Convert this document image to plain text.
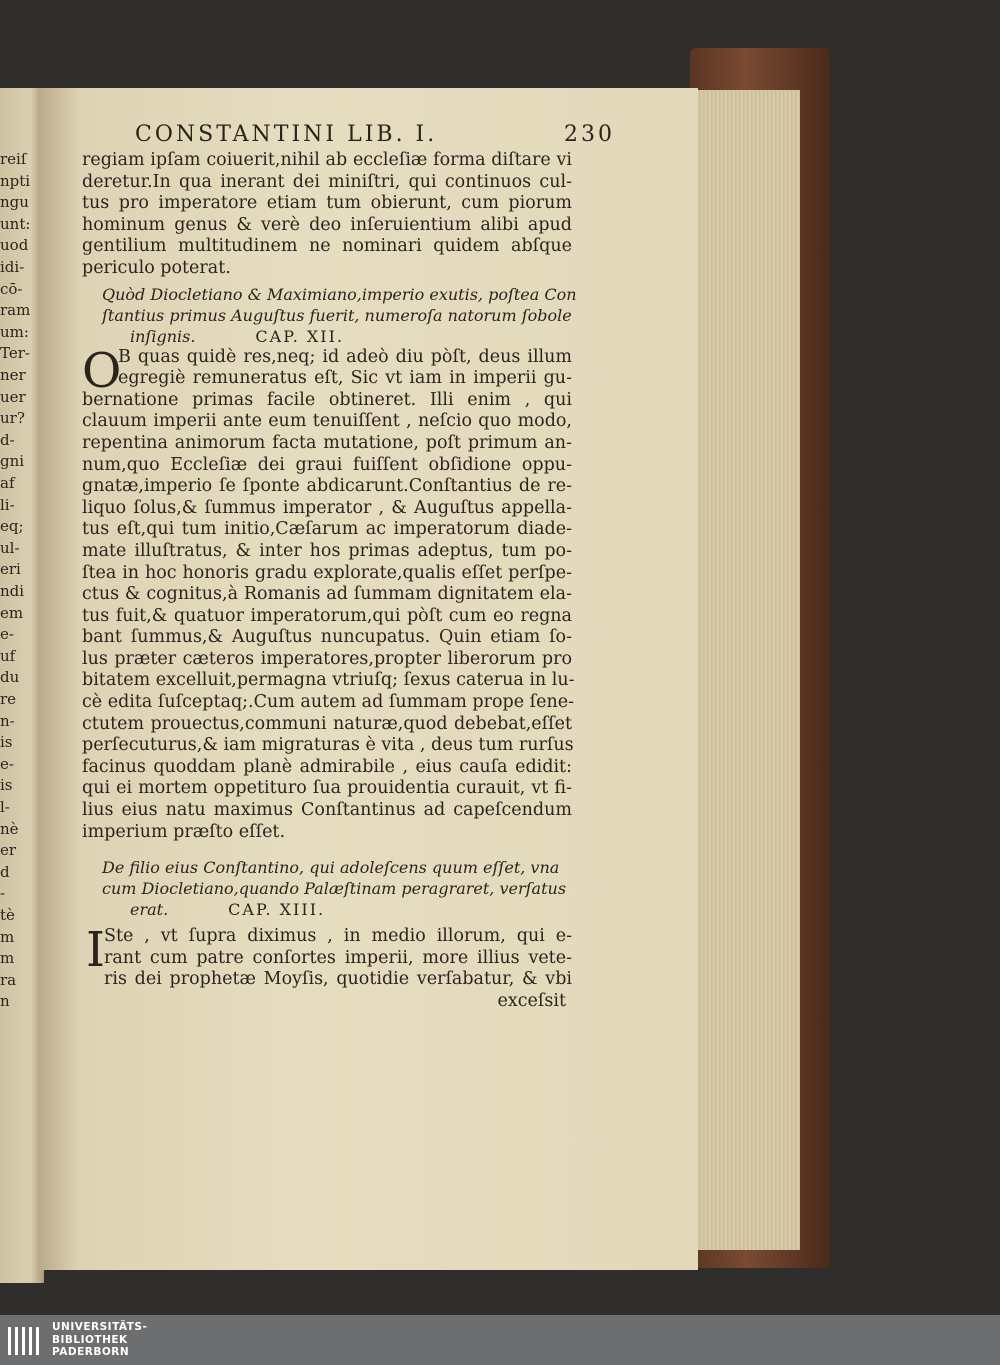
reiſ
npti
ngu
unt:
uod
idi-
cō-
ram
um:
Ter-
ner
uer
ur?
d-
gni
af
li-
eq;
ul-
eri
ndi
em
e-
uf
du
re
n-
is
e-
is
l-
nè
er
d
-
tè
m
m
ra
n
CONSTANTINI LIB. I.	230
regiam ipſam coiuerit,nihil ab eccleſiæ forma diſtare vi
deretur.In qua inerant dei miniſtri, qui continuos cul-
tus pro imperatore etiam tum obierunt, cum piorum
hominum genus & verè deo inſeruientium alibi apud
gentilium multitudinem ne nominari quidem abſque
periculo poterat.
Quòd Diocletiano & Maximiano,imperio exutis, poſtea Con
ſtantius primus Auguſtus fuerit, numeroſa natorum ſobole
inſignis.	CAP. XII.
O
B quas quidè res,neq; id adeò diu pòſt, deus illum
egregiè remuneratus eſt, Sic vt iam in imperii gu-
bernatione primas facile obtineret. Illi enim , qui
clauum imperii ante eum tenuiſſent , neſcio quo modo,
repentina animorum facta mutatione, poſt primum an-
num,quo Eccleſiæ dei graui fuiſſent obſidione oppu-
gnatæ,imperio ſe ſponte abdicarunt.Conſtantius de re-
liquo ſolus,& ſummus imperator , & Auguſtus appella-
tus eſt,qui tum initio,Cæſarum ac imperatorum diade-
mate illuſtratus, & inter hos primas adeptus, tum po-
ſtea in hoc honoris gradu explorate,qualis eſſet perſpe-
ctus & cognitus,à Romanis ad ſummam dignitatem ela-
tus fuit,& quatuor imperatorum,qui pòſt cum eo regna
bant ſummus,& Auguſtus nuncupatus. Quin etiam ſo-
lus præter cæteros imperatores,propter liberorum pro
bitatem excelluit,permagna vtriuſq; ſexus caterua in lu-
cè edita ſuſceptaq;.Cum autem ad ſummam prope ſene-
ctutem prouectus,communi naturæ,quod debebat,eſſet
perſecuturus,& iam migraturas è vita , deus tum rurſus
facinus quoddam planè admirabile , eius cauſa edidit:
qui ei mortem oppetituro ſua prouidentia curauit, vt fi-
lius eius natu maximus Conſtantinus ad capeſcendum
imperium præſto eſſet.
De filio eius Conſtantino, qui adoleſcens quum eſſet, vna
cum Diocletiano,quando Palæſtinam peragraret, verſatus
erat.	CAP. XIII.
I Ste , vt ſupra diximus , in medio illorum, qui e-
rant cum patre conſortes imperii, more illius vete-
ris dei prophetæ Moyſis, quotidie verſabatur, & vbi
exceſsit
UNIVERSITÄTS-
BIBLIOTHEK
PADERBORN
